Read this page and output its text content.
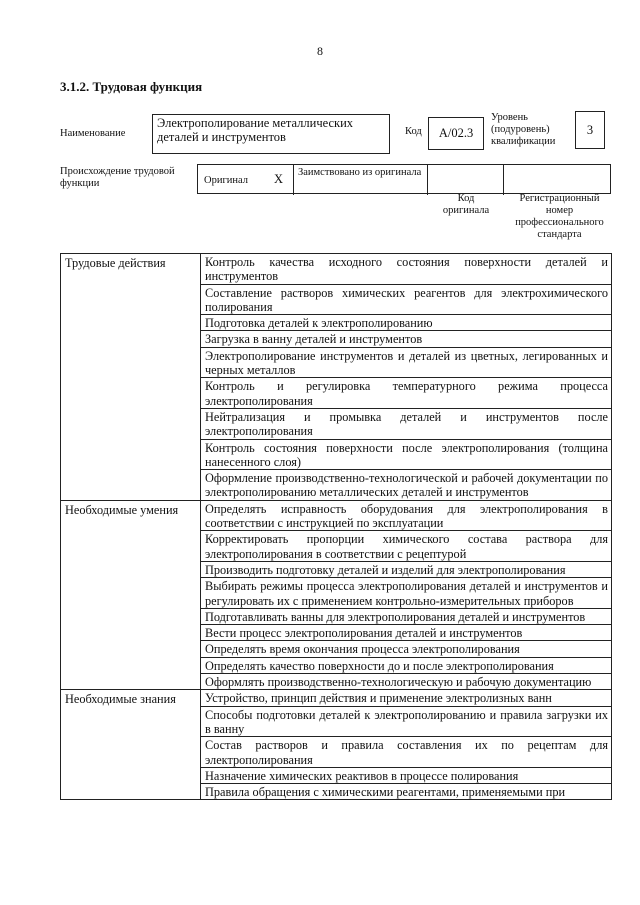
8
3.1.2. Трудовая функция
Наименование
Электрополирование металлических деталей и инструментов	Код	A/02.3
Уровень (подуровень) квалификации
3
Происхождение трудовой функции	Оригинал X Заимствовано из оригинала
Код оригинала
Регистрационный номер профессионального стандарта
Трудовые действия	Контроль качества исходного состояния поверхности деталей и инструментов
	Составление растворов химических реагентов для электрохимического полирования
	Подготовка деталей к электрополированию
	Загрузка в ванну деталей и инструментов
	Электрополирование инструментов и деталей из цветных, легированных и черных металлов
	Контроль и регулировка температурного режима процесса электрополирования
	Нейтрализация и промывка деталей и инструментов после электрополирования
	Контроль состояния поверхности после электрополирования (толщина нанесенного слоя)
	Оформление производственно-технологической и рабочей документации по электрополированию металлических деталей и инструментов
Необходимые умения	Определять исправность оборудования для электрополирования в соответствии с инструкцией по эксплуатации
	Корректировать пропорции химического состава раствора для электрополирования в соответствии с рецептурой
	Производить подготовку деталей и изделий для электрополирования
	Выбирать режимы процесса электрополирования деталей и инструментов и регулировать их с применением контрольно-измерительных приборов
	Подготавливать ванны для электрополирования деталей и инструментов
	Вести процесс электрополирования деталей и инструментов
	Определять время окончания процесса электрополирования
	Определять качество поверхности до и после электрополирования
	Оформлять производственно-технологическую и рабочую документацию
Необходимые знания	Устройство, принцип действия и применение электролизных ванн
	Способы подготовки деталей к электрополированию и правила загрузки их в ванну
	Состав растворов и правила составления их по рецептам для электрополирования
	Назначение химических реактивов в процессе полирования
	Правила обращения с химическими реагентами, применяемыми при
